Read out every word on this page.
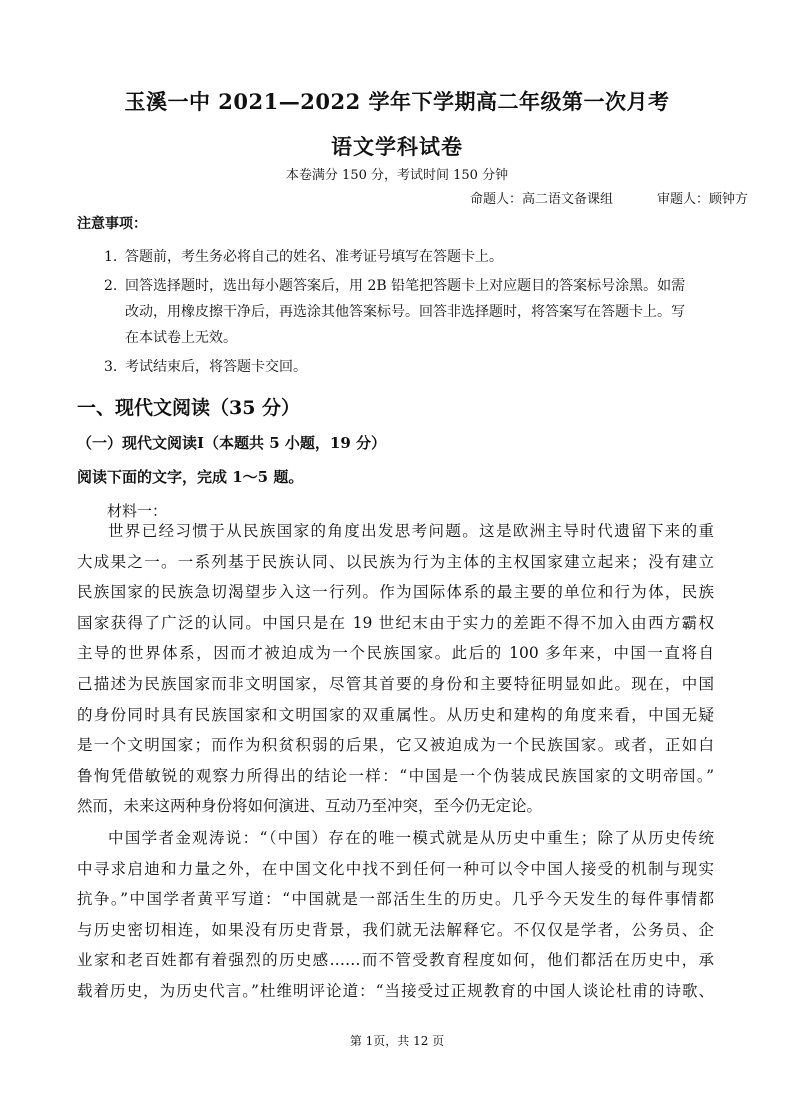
玉溪一中 2021—2022 学年下学期高二年级第一次月考
语文学科试卷
本卷满分 150 分，考试时间 150 分钟
命题人：高二语文备课组	审题人：顾钟方
注意事项：
1. 答题前，考生务必将自己的姓名、准考证号填写在答题卡上。
2. 回答选择题时，选出每小题答案后，用 2B 铅笔把答题卡上对应题目的答案标号涂黑。如需
改动，用橡皮擦干净后，再选涂其他答案标号。回答非选择题时，将答案写在答题卡上。写
在本试卷上无效。
3. 考试结束后，将答题卡交回。
一、现代文阅读（35 分）
（一）现代文阅读Ⅰ（本题共 5 小题，19 分）
阅读下面的文字，完成 1～5 题。
材料一：
世界已经习惯于从民族国家的角度出发思考问题。这是欧洲主导时代遗留下来的重
大成果之一。一系列基于民族认同、以民族为行为主体的主权国家建立起来；没有建立
民族国家的民族急切渴望步入这一行列。作为国际体系的最主要的单位和行为体，民族
国家获得了广泛的认同。中国只是在 19 世纪末由于实力的差距不得不加入由西方霸权
主导的世界体系，因而才被迫成为一个民族国家。此后的 100 多年来，中国一直将自
己描述为民族国家而非文明国家，尽管其首要的身份和主要特征明显如此。现在，中国
的身份同时具有民族国家和文明国家的双重属性。从历史和建构的角度来看，中国无疑
是一个文明国家；而作为积贫积弱的后果，它又被迫成为一个民族国家。或者，正如白
鲁恂凭借敏锐的观察力所得出的结论一样：“中国是一个伪装成民族国家的文明帝国。”
然而，未来这两种身份将如何演进、互动乃至冲突，至今仍无定论。
中国学者金观涛说：“（中国）存在的唯一模式就是从历史中重生；除了从历史传统
中寻求启迪和力量之外，在中国文化中找不到任何一种可以令中国人接受的机制与现实
抗争。”中国学者黄平写道：“中国就是一部活生生的历史。几乎今天发生的每件事情都
与历史密切相连，如果没有历史背景，我们就无法解释它。不仅仅是学者，公务员、企
业家和老百姓都有着强烈的历史感……而不管受教育程度如何，他们都活在历史中，承
载着历史，为历史代言。”杜维明评论道：“当接受过正规教育的中国人谈论杜甫的诗歌、
第 1页，共 12 页
